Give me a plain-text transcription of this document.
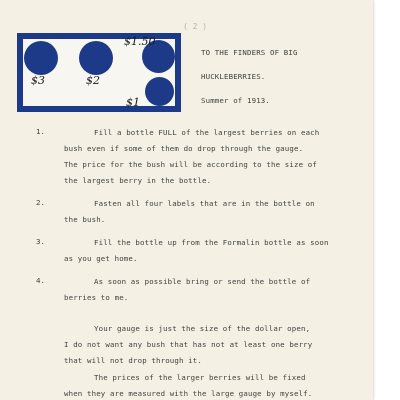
( 2 )
$3	$2
$1.50
$1
TO THE FINDERS OF BIG
HUCKLEBERRIES.
Summer of 1913.
1.	Fill a bottle FULL of the largest berries on each
bush even if some of them do drop through the gauge.
The price for the bush will be according to the size of
the largest berry in the bottle.
2.	Fasten all four labels that are in the bottle on
the bush.
3.	Fill the bottle up from the Formalin bottle as soon
as you get home.
4.	As soon as possible bring or send the bottle of
berries to me.
Your gauge is just the size of the dollar open,
I do not want any bush that has not at least one berry
that will not drop through it.
The prices of the larger berries will be fixed
when they are measured with the large gauge by myself.
